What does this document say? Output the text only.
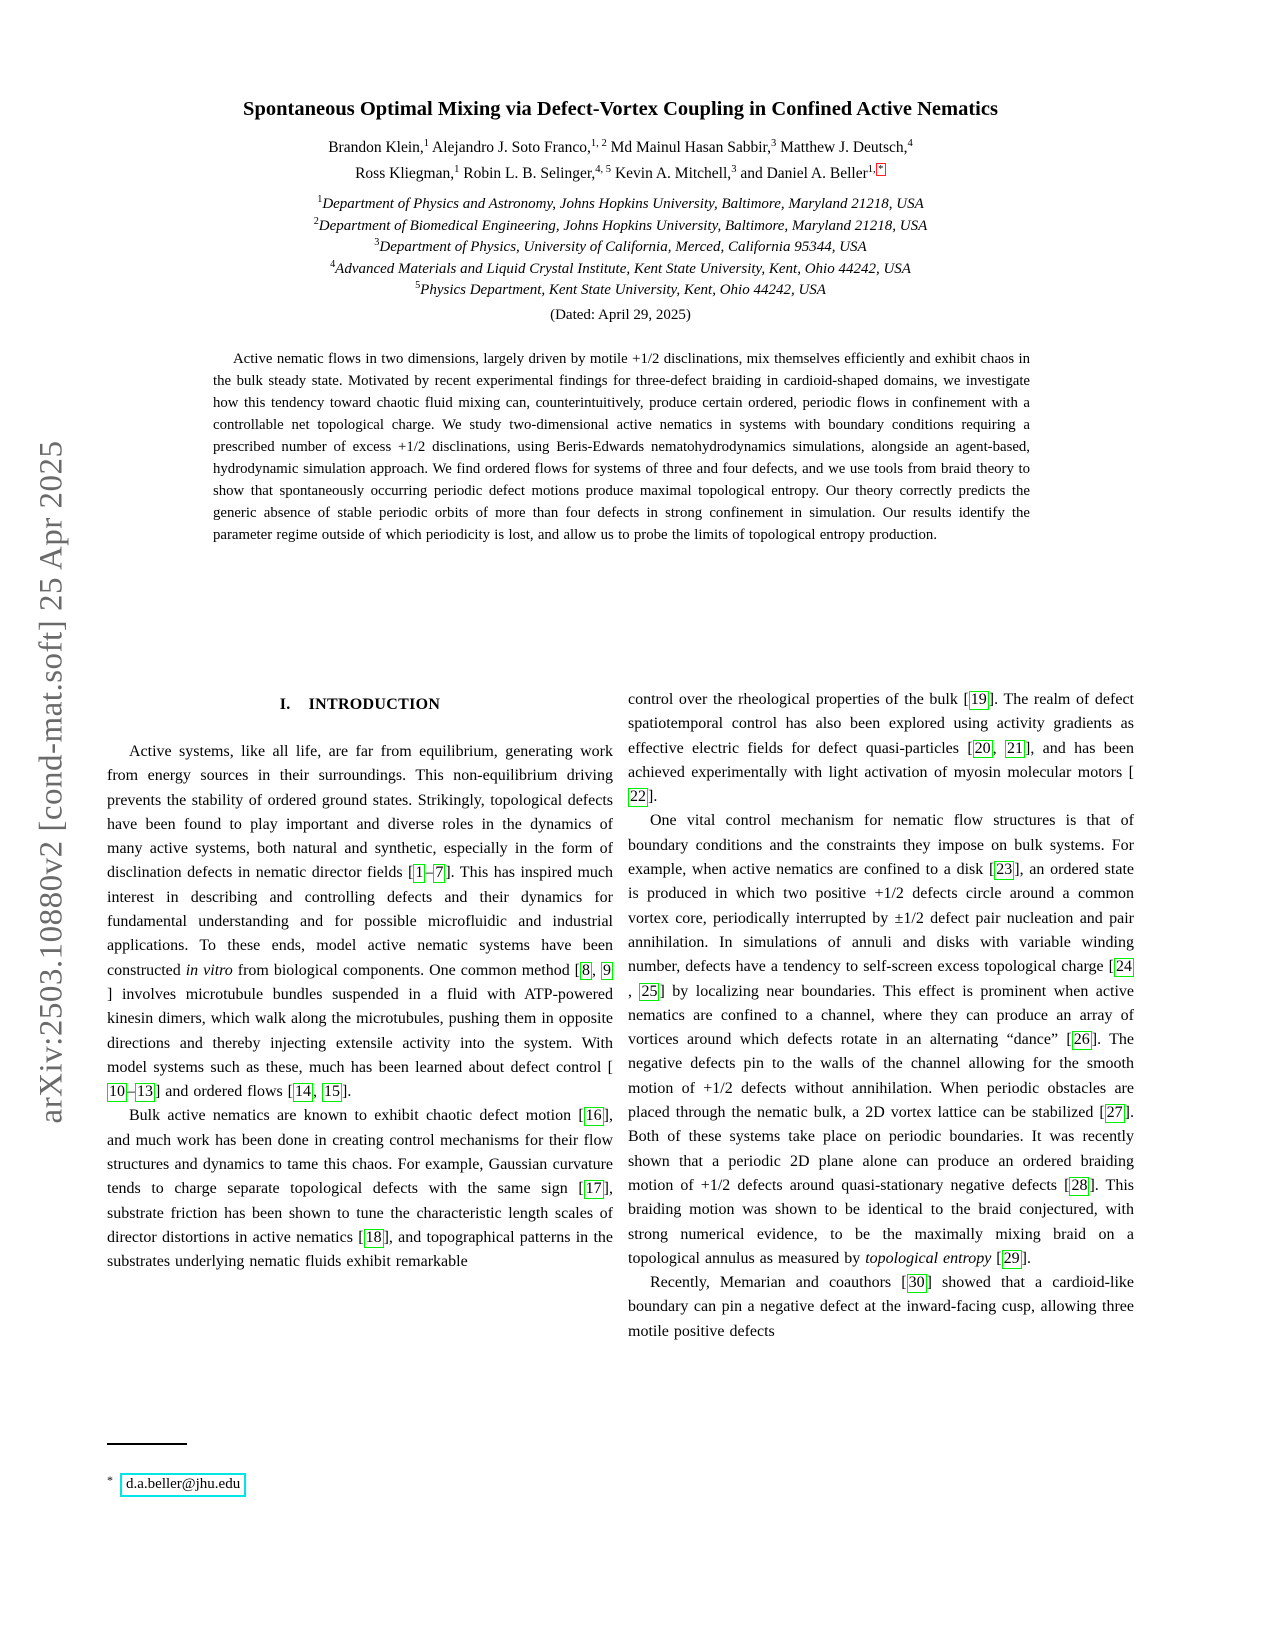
arXiv:2503.10880v2 [cond-mat.soft] 25 Apr 2025
Spontaneous Optimal Mixing via Defect-Vortex Coupling in Confined Active Nematics
Brandon Klein,$^1$ Alejandro J. Soto Franco,$^{1, 2}$ Md Mainul Hasan Sabbir,$^3$ Matthew J. Deutsch,$^4$
Ross Kliegman,$^1$ Robin L. B. Selinger,$^{4, 5}$ Kevin A. Mitchell,$^3$ and Daniel A. Beller$^{1,}$ *
$^1$Department of Physics and Astronomy, Johns Hopkins University, Baltimore, Maryland 21218, USA
$^2$Department of Biomedical Engineering, Johns Hopkins University, Baltimore, Maryland 21218, USA
$^3$Department of Physics, University of California, Merced, California 95344, USA
$^4$Advanced Materials and Liquid Crystal Institute, Kent State University, Kent, Ohio 44242, USA
$^5$Physics Department, Kent State University, Kent, Ohio 44242, USA
(Dated: April 29, 2025)
Active nematic flows in two dimensions, largely driven by motile +1/2 disclinations, mix themselves efficiently and exhibit chaos in the bulk steady state. Motivated by recent experimental findings for three-defect braiding in cardioid-shaped domains, we investigate how this tendency toward chaotic fluid mixing can, counterintuitively, produce certain ordered, periodic flows in confinement with a controllable net topological charge. We study two-dimensional active nematics in systems with boundary conditions requiring a prescribed number of excess +1/2 disclinations, using Beris-Edwards nematohydrodynamics simulations, alongside an agent-based, hydrodynamic simulation approach. We find ordered flows for systems of three and four defects, and we use tools from braid theory to show that spontaneously occurring periodic defect motions produce maximal topological entropy. Our theory correctly predicts the generic absence of stable periodic orbits of more than four defects in strong confinement in simulation. Our results identify the parameter regime outside of which periodicity is lost, and allow us to probe the limits of topological entropy production.
I. INTRODUCTION

Active systems, like all life, are far from equilibrium, generating work from energy sources in their surroundings. This non-equilibrium driving prevents the stability of ordered ground states. Strikingly, topological defects have been found to play important and diverse roles in the dynamics of many active systems, both natural and synthetic, especially in the form of disclination defects in nematic director fields [ 1 – 7 ]. This has inspired much interest in describing and controlling defects and their dynamics for fundamental understanding and for possible microfluidic and industrial applications. To these ends, model active nematic systems have been constructed in vitro from biological components. One common method [ 8 , 9] involves microtubule bundles suspended in a fluid with ATP-powered kinesin dimers, which walk along the microtubules, pushing them in opposite directions and thereby injecting extensile activity into the system. With model systems such as these, much has been learned about defect control [10 – 13 ] and ordered flows [ 14 , 15 ].

Bulk active nematics are known to exhibit chaotic defect motion [ 16 ], and much work has been done in creating control mechanisms for their flow structures and dynamics to tame this chaos. For example, Gaussian curvature tends to charge separate topological defects with the same sign [ 17 ], substrate friction has been shown to tune the characteristic length scales of director distortions in active nematics [ 18 ], and topographical patterns in the substrates underlying nematic fluids exhibit remarkable

control over the rheological properties of the bulk [ 19 ]. The realm of defect spatiotemporal control has also been explored using activity gradients as effective electric fields for defect quasi-particles [ 20 , 21 ], and has been achieved experimentally with light activation of myosin molecular motors [22 ].

One vital control mechanism for nematic flow structures is that of boundary conditions and the constraints they impose on bulk systems. For example, when active nematics are confined to a disk [ 23 ], an ordered state is produced in which two positive +1/2 defects circle around a common vortex core, periodically interrupted by ±1/2 defect pair nucleation and pair annihilation. In simulations of annuli and disks with variable winding number, defects have a tendency to self-screen excess topological charge [ 24, 25 ] by localizing near boundaries. This effect is prominent when active nematics are confined to a channel, where they can produce an array of vortices around which defects rotate in an alternating “dance” [ 26 ]. The negative defects pin to the walls of the channel allowing for the smooth motion of +1/2 defects without annihilation. When periodic obstacles are placed through the nematic bulk, a 2D vortex lattice can be stabilized [ 27 ]. Both of these systems take place on periodic boundaries. It was recently shown that a periodic 2D plane alone can produce an ordered braiding motion of +1/2 defects around quasi-stationary negative defects [ 28 ]. This braiding motion was shown to be identical to the braid conjectured, with strong numerical evidence, to be the maximally mixing braid on a topological annulus as measured by topological entropy [ 29 ].

Recently, Memarian and coauthors [ 30 ] showed that a cardioid-like boundary can pin a negative defect at the inward-facing cusp, allowing three motile positive defects

* d.a.beller@jhu.edu
